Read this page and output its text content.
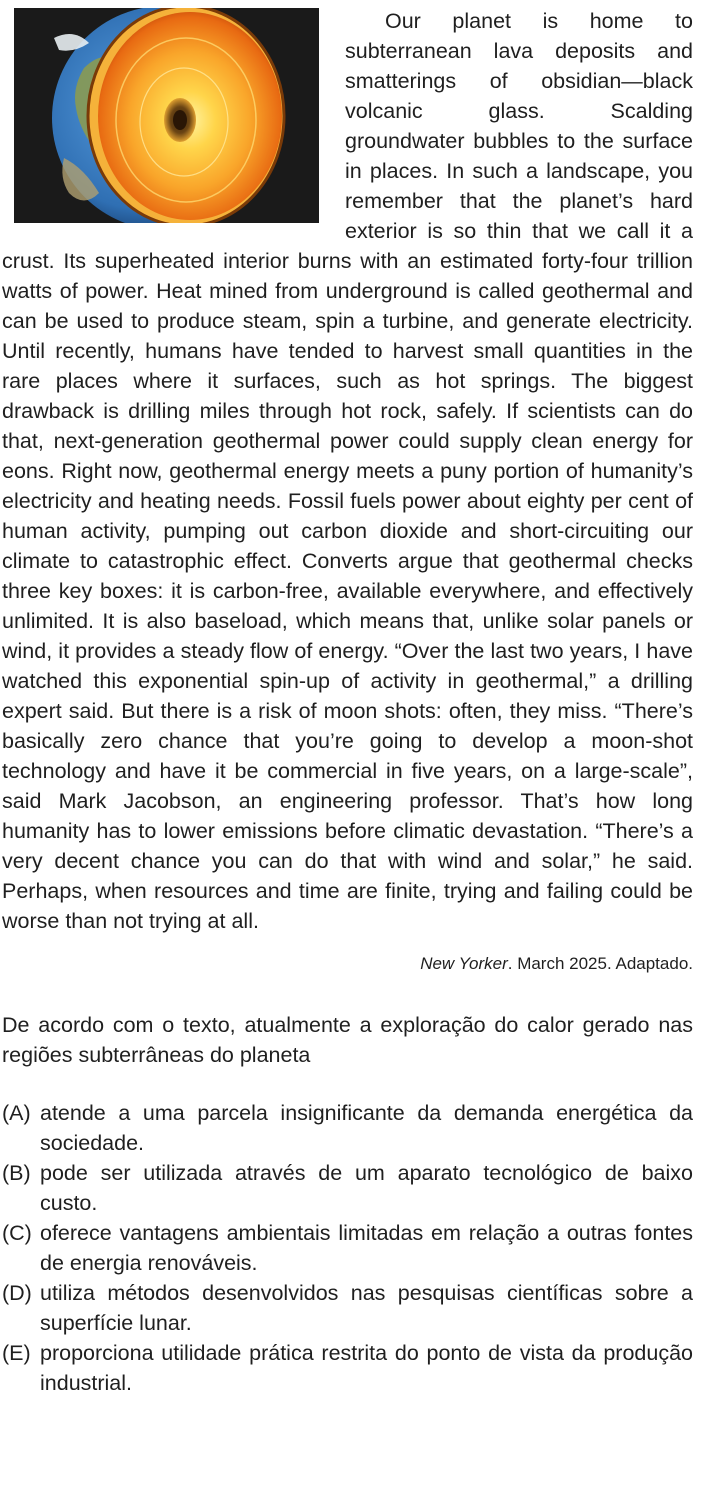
Our planet is home to subterranean lava deposits and smatterings of obsidian—black volcanic glass. Scalding groundwater bubbles to the surface in places. In such a landscape, you remember that the planet’s hard exterior is so thin that we call it a crust. Its superheated interior burns with an estimated forty-four trillion watts of power. Heat mined from underground is called geothermal and can be used to produce steam, spin a turbine, and generate electricity. Until recently, humans have tended to harvest small quantities in the rare places where it surfaces, such as hot springs. The biggest drawback is drilling miles through hot rock, safely. If scientists can do that, next-generation geothermal power could supply clean energy for eons. Right now, geothermal energy meets a puny portion of humanity’s electricity and heating needs. Fossil fuels power about eighty per cent of human activity, pumping out carbon dioxide and short-circuiting our climate to catastrophic effect. Converts argue that geothermal checks three key boxes: it is carbon-free, available everywhere, and effectively unlimited. It is also baseload, which means that, unlike solar panels or wind, it provides a steady flow of energy. “Over the last two years, I have watched this exponential spin-up of activity in geothermal,” a drilling expert said. But there is a risk of moon shots: often, they miss. “There’s basically zero chance that you’re going to develop a moon-shot technology and have it be commercial in five years, on a large-scale”, said Mark Jacobson, an engineering professor. That’s how long humanity has to lower emissions before climatic devastation. “There’s a very decent chance you can do that with wind and solar,” he said. Perhaps, when resources and time are finite, trying and failing could be worse than not trying at all.

New Yorker. March 2025. Adaptado.

De acordo com o texto, atualmente a exploração do calor gerado nas regiões subterrâneas do planeta

(A) atende a uma parcela insignificante da demanda energética da sociedade.
(B) pode ser utilizada através de um aparato tecnológico de baixo custo.
(C) oferece vantagens ambientais limitadas em relação a outras fontes de energia renováveis.
(D) utiliza métodos desenvolvidos nas pesquisas científicas sobre a superfície lunar.
(E) proporciona utilidade prática restrita do ponto de vista da produção industrial.
